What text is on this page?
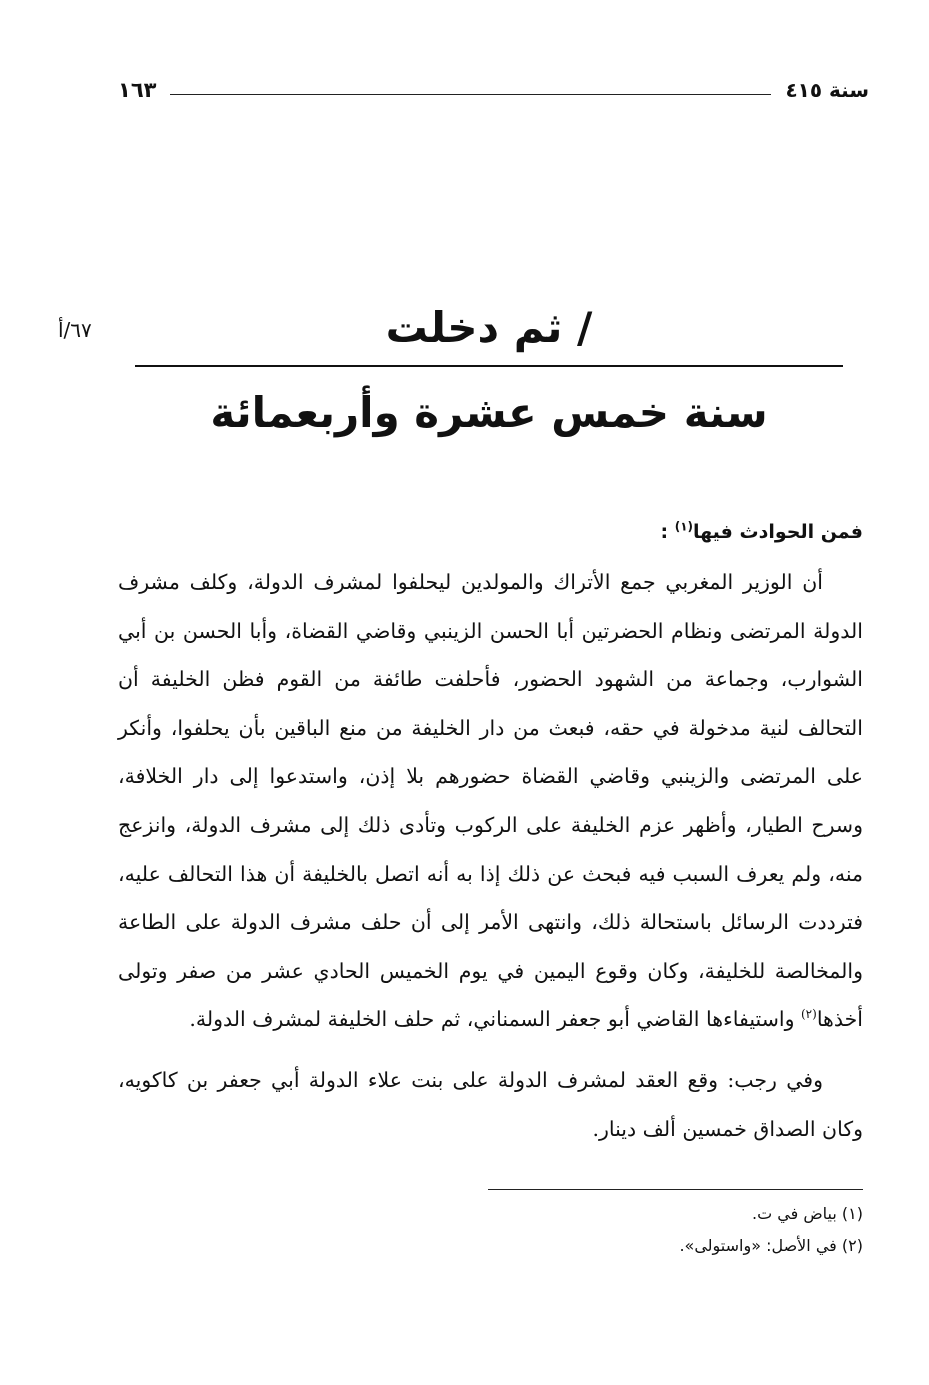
سنة ٤١٥
١٦٣
٦٧/أ	/ ثم دخلت
سنة خمس عشرة وأربعمائة

فمن الحوادث فيها$^{(١)}$ :

أن الوزير المغربي جمع الأتراك والمولدين ليحلفوا لمشرف الدولة، وكلف مشرف الدولة المرتضى ونظام الحضرتين أبا الحسن الزينبي وقاضي القضاة، وأبا الحسن بن أبي الشوارب، وجماعة من الشهود الحضور، فأحلفت طائفة من القوم فظن الخليفة أن التحالف لنية مدخولة في حقه، فبعث من دار الخليفة من منع الباقين بأن يحلفوا، وأنكر على المرتضى والزينبي وقاضي القضاة حضورهم بلا إذن، واستدعوا إلى دار الخلافة، وسرح الطيار، وأظهر عزم الخليفة على الركوب وتأدى ذلك إلى مشرف الدولة، وانزعج منه، ولم يعرف السبب فيه فبحث عن ذلك إذا به أنه اتصل بالخليفة أن هذا التحالف عليه، فترددت الرسائل باستحالة ذلك، وانتهى الأمر إلى أن حلف مشرف الدولة على الطاعة والمخالصة للخليفة، وكان وقوع اليمين في يوم الخميس الحادي عشر من صفر وتولى أخذها$^{(٢)}$ واستيفاءها القاضي أبو جعفر السمناني، ثم حلف الخليفة لمشرف الدولة.

وفي رجب: وقع العقد لمشرف الدولة على بنت علاء الدولة أبي جعفر بن كاكويه، وكان الصداق خمسين ألف دينار.

(١) بياض في ت.
(٢) في الأصل: «واستولى».
